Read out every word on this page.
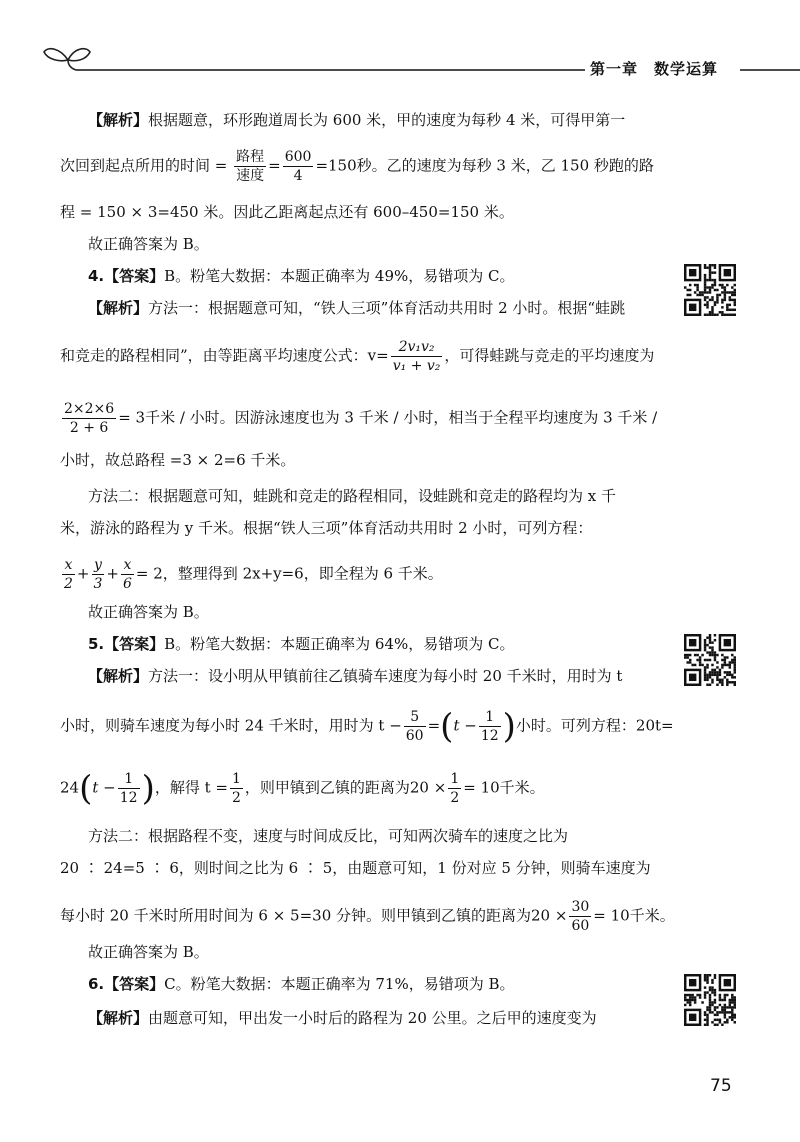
第一章　数学运算
【解析】根据题意，环形跑道周长为 600 米，甲的速度为每秒 4 米，可得甲第一
次回到起点所用的时间 = $\frac{\text{路程}}{\text{速度}} = \frac{600}{4} =150$秒。乙的速度为每秒 3 米，乙 150 秒跑的路
程 = 150 × 3=450 米。因此乙距离起点还有 600–450=150 米。
故正确答案为 B。
4.【答案】B。粉笔大数据：本题正确率为 49%，易错项为 C。
【解析】方法一：根据题意可知，“铁人三项”体育活动共用时 2 小时。根据“蛙跳
和竞走的路程相同”，由等距离平均速度公式：$v= \frac{\text{2v₁v₂}}{\text{v₁ + v₂}}$ ，可得蛙跳与竞走的平均速度为
$\frac{2\times 2\times 6}{2 + 6} = 3$千米 / 小时。因游泳速度也为 3 千米 / 小时，相当于全程平均速度为 3 千米 /
小时，故总路程 =3 × 2=6 千米。
方法二：根据题意可知，蛙跳和竞走的路程相同，设蛙跳和竞走的路程均为 x 千
米，游泳的路程为 y 千米。根据“铁人三项”体育活动共用时 2 小时，可列方程：
$\frac{x}{2} + \frac{y}{3} + \frac{x}{6} = 2$，整理得到 2x+y=6，即全程为 6 千米。
故正确答案为 B。
5.【答案】B。粉笔大数据：本题正确率为 64%，易错项为 C。
【解析】方法一：设小明从甲镇前往乙镇骑车速度为每小时 20 千米时，用时为 t
小时，则骑车速度为每小时 24 千米时，用时为 $t - \frac{5}{60} =(t - \frac{1}{12}$ )小时。可列方程：20t=
$24(t - \frac{1}{12}$ )，解得 $t = \frac{1}{2}$ ，则甲镇到乙镇的距离为$20 \times \frac{1}{2} = 10$千米。
方法二：根据路程不变，速度与时间成反比，可知两次骑车的速度之比为
20 ∶ 24=5 ∶ 6，则时间之比为 6 ∶ 5，由题意可知，1 份对应 5 分钟，则骑车速度为
每小时 20 千米时所用时间为 6 × 5=30 分钟。则甲镇到乙镇的距离为$20 \times \frac{30}{60} = 10$千米。
故正确答案为 B。
6.【答案】C。粉笔大数据：本题正确率为 71%，易错项为 B。
【解析】由题意可知，甲出发一小时后的路程为 20 公里。之后甲的速度变为
75
